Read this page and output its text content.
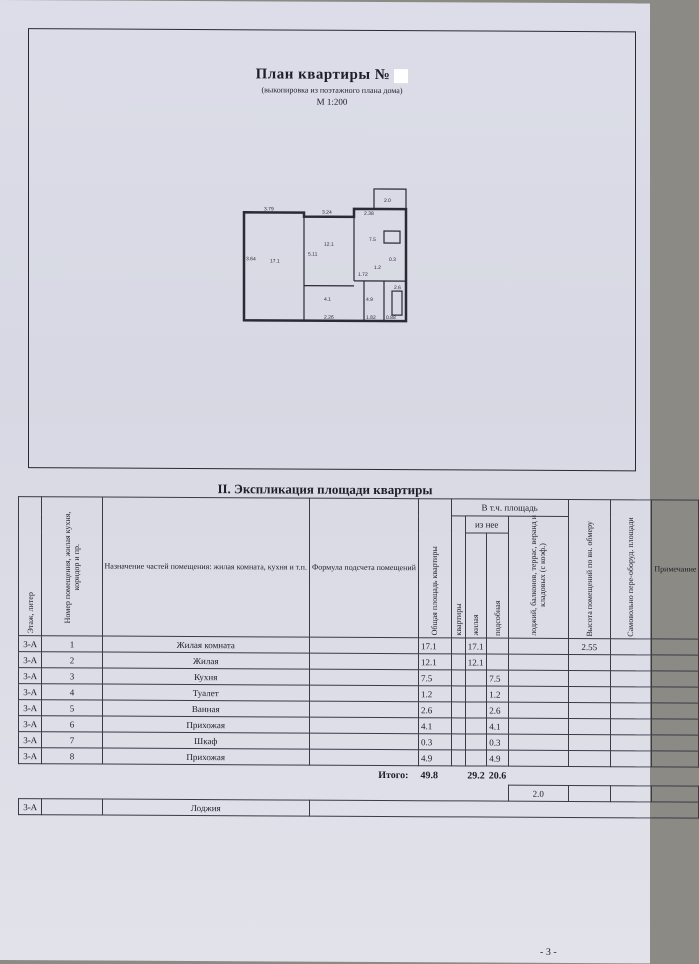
План квартиры №
(выкопировка из поэтажного плана дома)
М 1:200
3.79
3.24	2.38
3.64
5.11
2.26	1.82 0.88
1.72
17.1
12.1
7.5
4.9
4.1
1.2
2.6
0.3
2.0
II. Экспликация площади квартиры
Этаж, литер	Номер помещения, жилая кухня, коридор и пр.	Назначение частей помещения: жилая комната, кухня и т.п.	Формула подсчета помещений	Общая площадь квартиры	В т.ч. площадь				Высота помещений по вн. обмеру	Самовольно пере-оборуд. площади	Примечание
					квартиры	из нее		лоджий, балконов, террас, веранд и кладовых (с коэф.)			
						жилая	подсобная				
3-А	1	Жилая комната		17.1		17.1			2.55		
3-А	2	Жилая		12.1		12.1					
3-А	3	Кухня		7.5			7.5				
3-А	4	Туалет		1.2			1.2				
3-А	5	Ванная		2.6			2.6				
3-А	6	Прихожая		4.1			4.1				
3-А	7	Шкаф		0.3			0.3				
3-А	8	Прихожая		4.9			4.9				
Итого:				49.8		29.2	20.6				
								2.0			
3-А		Лоджия									
- 3 -
